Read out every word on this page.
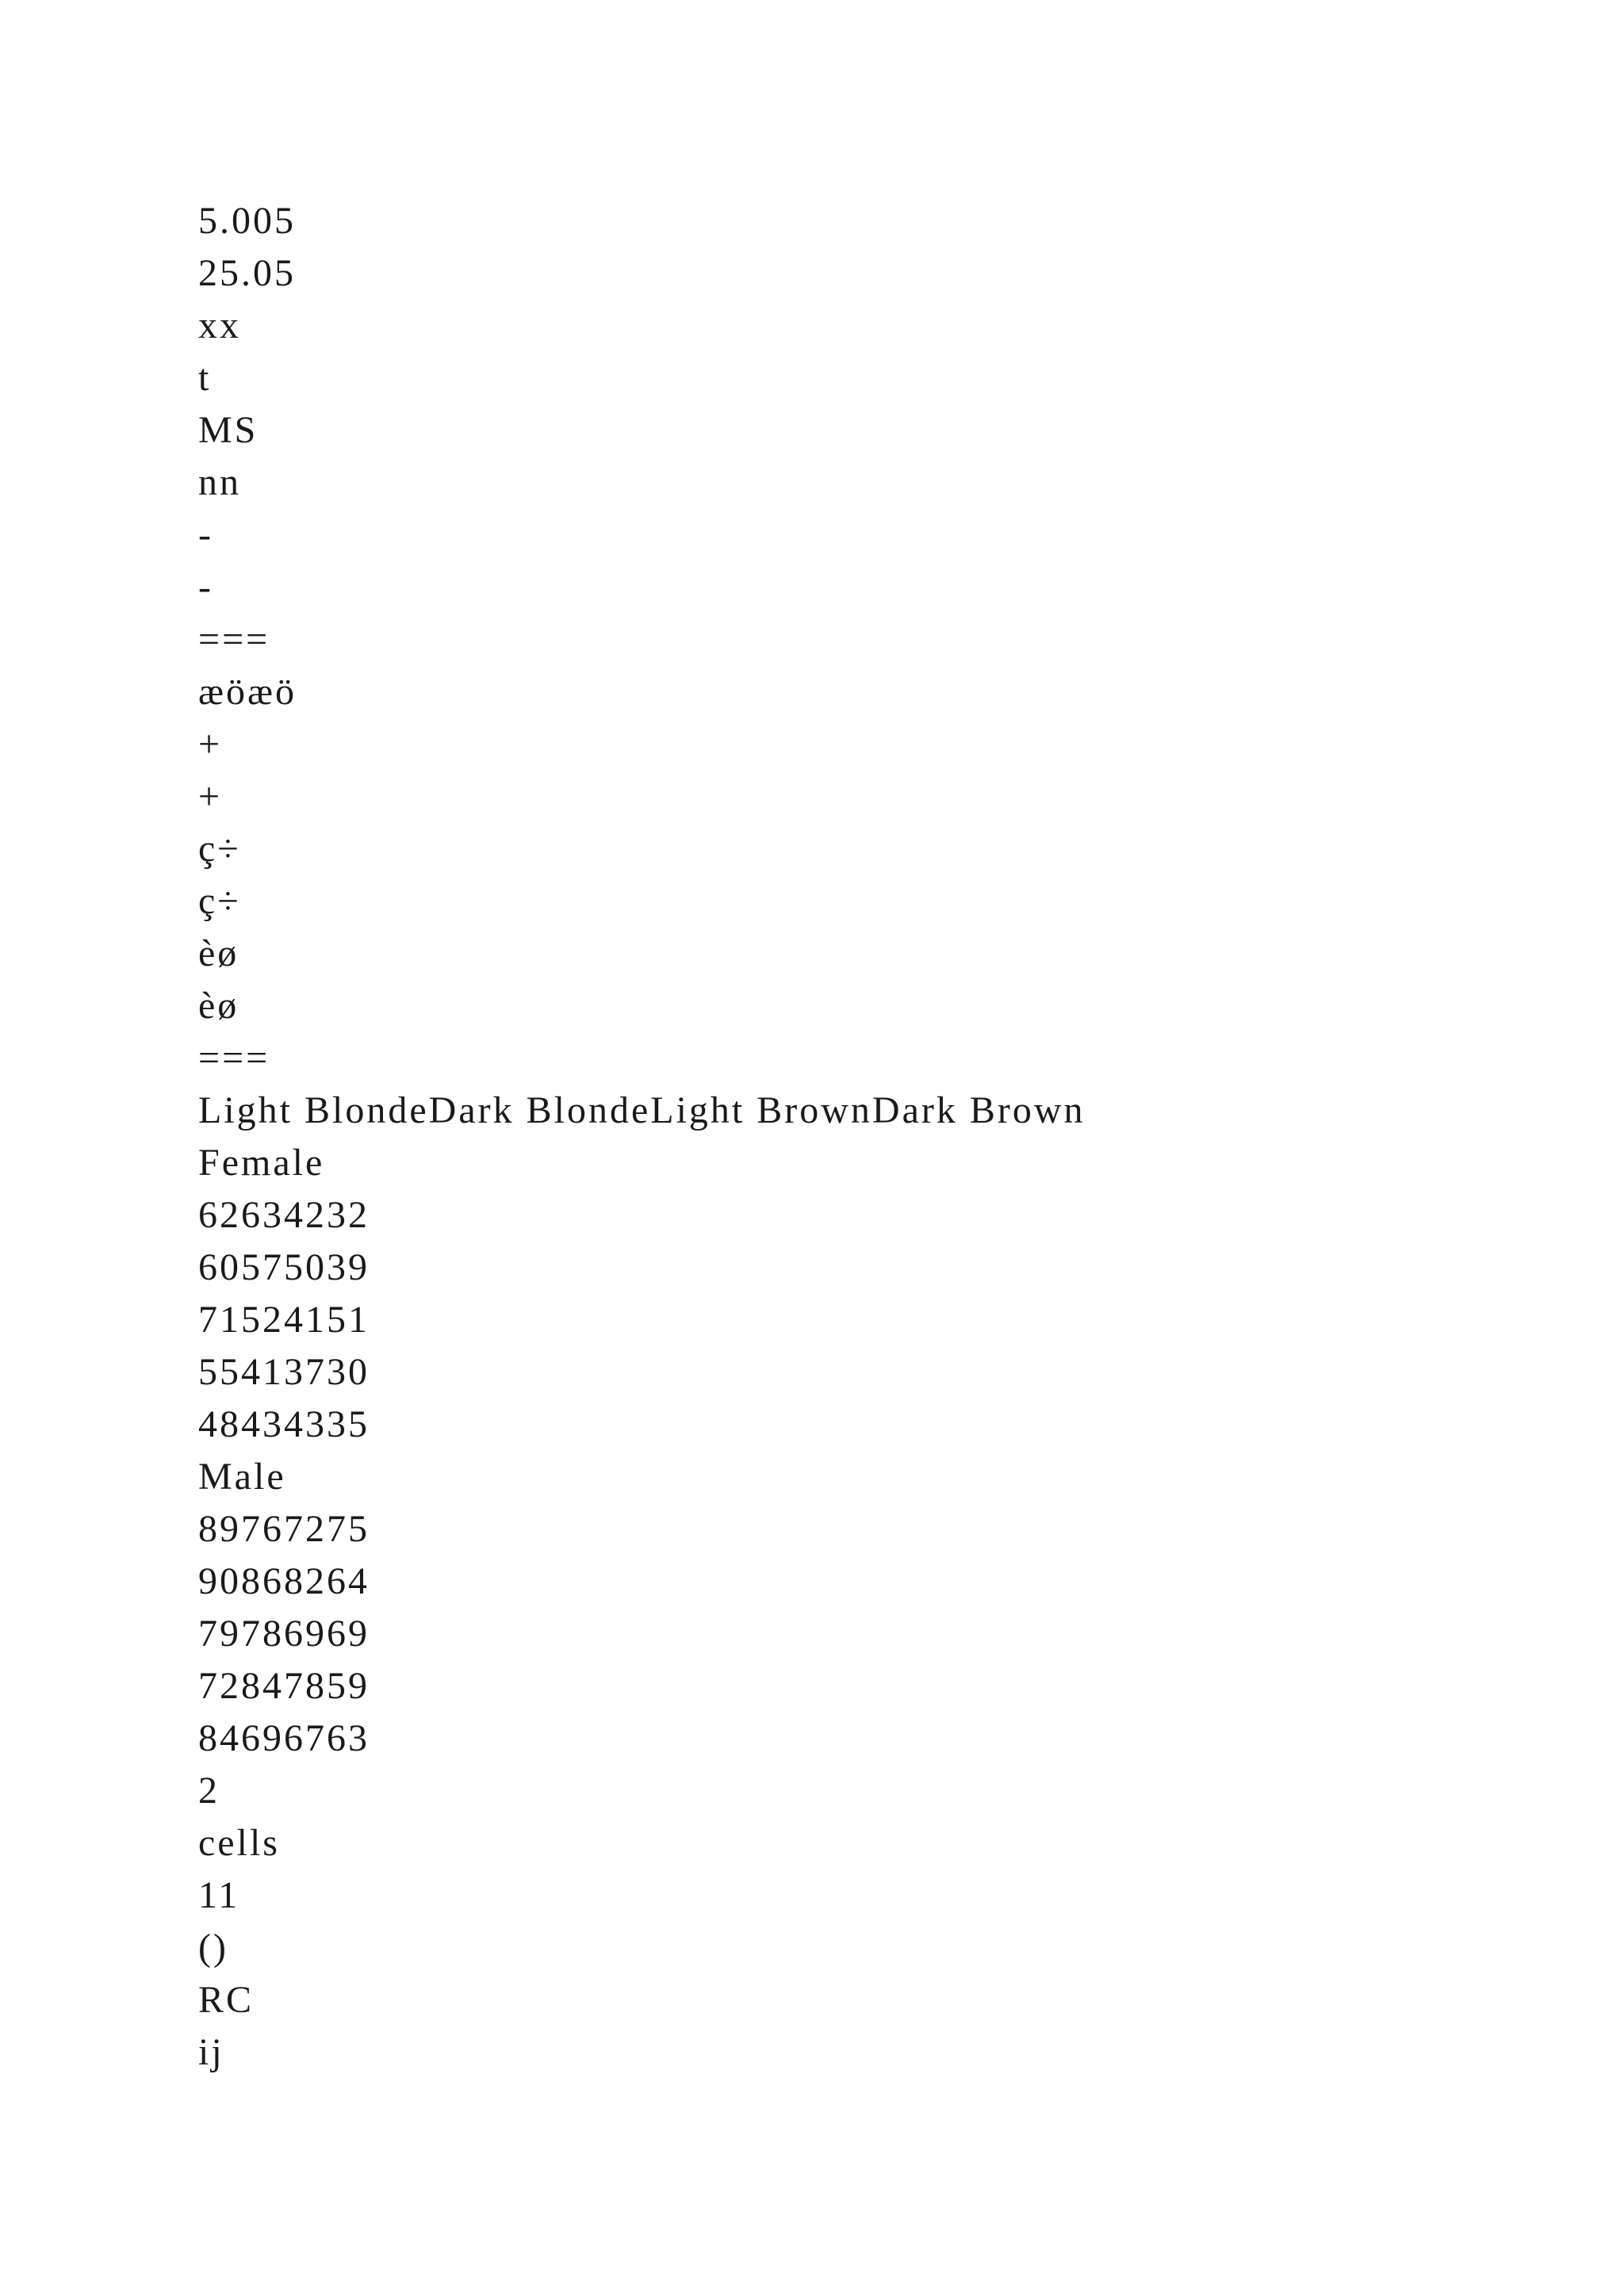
5.005
25.05
xx
t
MS
nn
-
-
===
æöæö
+
+
ç÷
ç÷
èø
èø
===
Light BlondeDark BlondeLight BrownDark Brown
Female
62634232
60575039
71524151
55413730
48434335
Male
89767275
90868264
79786969
72847859
84696763
2
cells
11
()
RC
ij
